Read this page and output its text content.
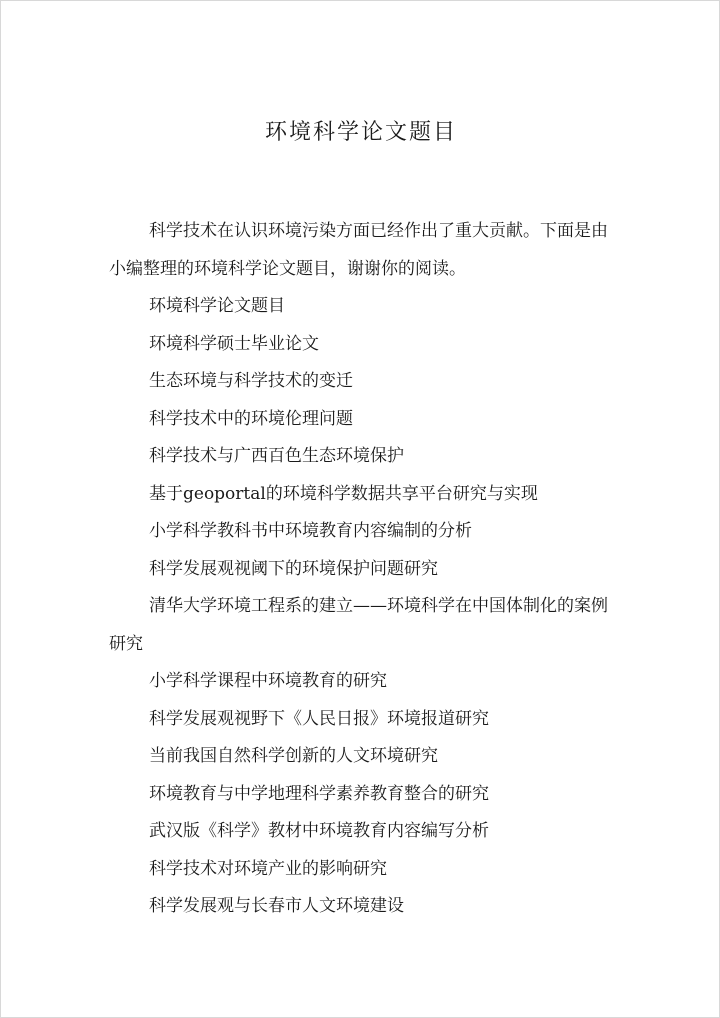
环境科学论文题目

科学技术在认识环境污染方面已经作出了重大贡献。下面是由小编整理的环境科学论文题目，谢谢你的阅读。

环境科学论文题目

环境科学硕士毕业论文

生态环境与科学技术的变迁

科学技术中的环境伦理问题

科学技术与广西百色生态环境保护

基于geoportal的环境科学数据共享平台研究与实现

小学科学教科书中环境教育内容编制的分析

科学发展观视阈下的环境保护问题研究

清华大学环境工程系的建立——环境科学在中国体制化的案例研究

小学科学课程中环境教育的研究

科学发展观视野下《人民日报》环境报道研究

当前我国自然科学创新的人文环境研究

环境教育与中学地理科学素养教育整合的研究

武汉版《科学》教材中环境教育内容编写分析

科学技术对环境产业的影响研究

科学发展观与长春市人文环境建设
